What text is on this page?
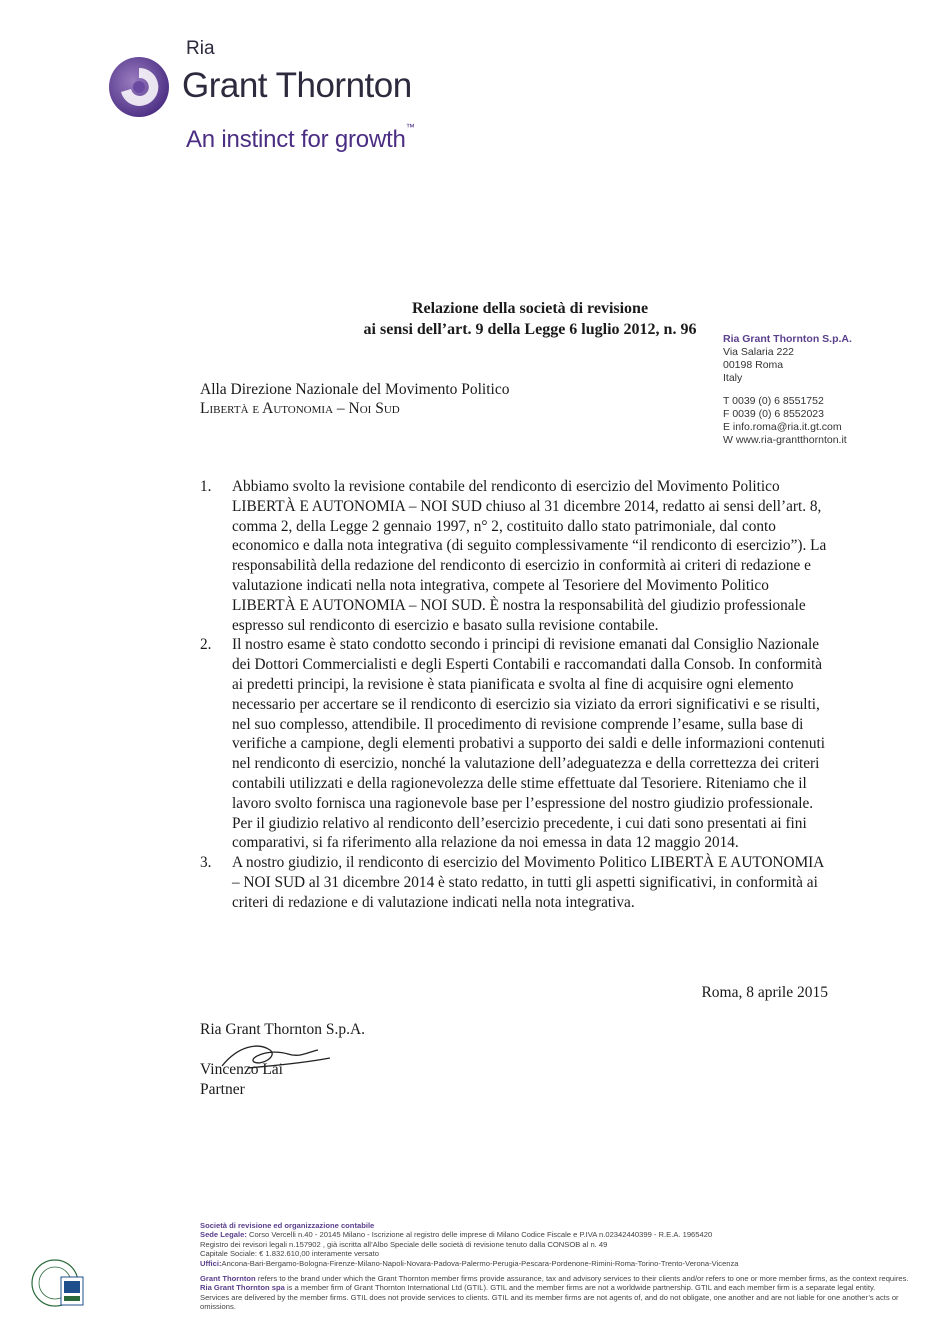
Ria
Grant Thornton
An instinct for growth™
Relazione della società di revisione
ai sensi dell’art. 9 della Legge 6 luglio 2012, n. 96
Ria Grant Thornton S.p.A.
Via Salaria 222
00198 Roma
Italy
T 0039 (0) 6 8551752
F 0039 (0) 6 8552023
E info.roma@ria.it.gt.com
W www.ria-grantthornton.it
Alla Direzione Nazionale del Movimento Politico
Libertà e Autonomia – Noi Sud
1. Abbiamo svolto la revisione contabile del rendiconto di esercizio del Movimento Politico LIBERTÀ E AUTONOMIA – NOI SUD chiuso al 31 dicembre 2014, redatto ai sensi dell’art. 8, comma 2, della Legge 2 gennaio 1997, n° 2, costituito dallo stato patrimoniale, dal conto economico e dalla nota integrativa (di seguito complessivamente “il rendiconto di esercizio”). La responsabilità della redazione del rendiconto di esercizio in conformità ai criteri di redazione e valutazione indicati nella nota integrativa, compete al Tesoriere del Movimento Politico LIBERTÀ E AUTONOMIA – NOI SUD. È nostra la responsabilità del giudizio professionale espresso sul rendiconto di esercizio e basato sulla revisione contabile.
2. Il nostro esame è stato condotto secondo i principi di revisione emanati dal Consiglio Nazionale dei Dottori Commercialisti e degli Esperti Contabili e raccomandati dalla Consob. In conformità ai predetti principi, la revisione è stata pianificata e svolta al fine di acquisire ogni elemento necessario per accertare se il rendiconto di esercizio sia viziato da errori significativi e se risulti, nel suo complesso, attendibile. Il procedimento di revisione comprende l’esame, sulla base di verifiche a campione, degli elementi probativi a supporto dei saldi e delle informazioni contenuti nel rendiconto di esercizio, nonché la valutazione dell’adeguatezza e della correttezza dei criteri contabili utilizzati e della ragionevolezza delle stime effettuate dal Tesoriere. Riteniamo che il lavoro svolto fornisca una ragionevole base per l’espressione del nostro giudizio professionale.
Per il giudizio relativo al rendiconto dell’esercizio precedente, i cui dati sono presentati ai fini comparativi, si fa riferimento alla relazione da noi emessa in data 12 maggio 2014.
3. A nostro giudizio, il rendiconto di esercizio del Movimento Politico LIBERTÀ E AUTONOMIA – NOI SUD al 31 dicembre 2014 è stato redatto, in tutti gli aspetti significativi, in conformità ai criteri di redazione e di valutazione indicati nella nota integrativa.
Roma, 8 aprile 2015
Ria Grant Thornton S.p.A.
Vincenzo Lai
Partner
Società di revisione ed organizzazione contabile
Sede Legale: Corso Vercelli n.40 - 20145 Milano - Iscrizione al registro delle imprese di Milano Codice Fiscale e P.IVA n.02342440399 - R.E.A. 1965420
Registro dei revisori legali n.157902 , già iscritta all’Albo Speciale delle società di revisione tenuto dalla CONSOB al n. 49
Capitale Sociale: € 1.832.610,00 interamente versato
Uffici:Ancona-Bari-Bergamo-Bologna-Firenze-Milano-Napoli-Novara-Padova-Palermo-Perugia-Pescara-Pordenone-Rimini-Roma-Torino-Trento-Verona-Vicenza
Grant Thornton refers to the brand under which the Grant Thornton member firms provide assurance, tax and advisory services to their clients and/or refers to one or more member firms, as the context requires.
Ria Grant Thornton spa is a member firm of Grant Thornton International Ltd (GTIL). GTIL and the member firms are not a worldwide partnership. GTIL and each member firm is a separate legal entity.
Services are delivered by the member firms. GTIL does not provide services to clients. GTIL and its member firms are not agents of, and do not obligate, one another and are not liable for one another’s acts or omissions.
